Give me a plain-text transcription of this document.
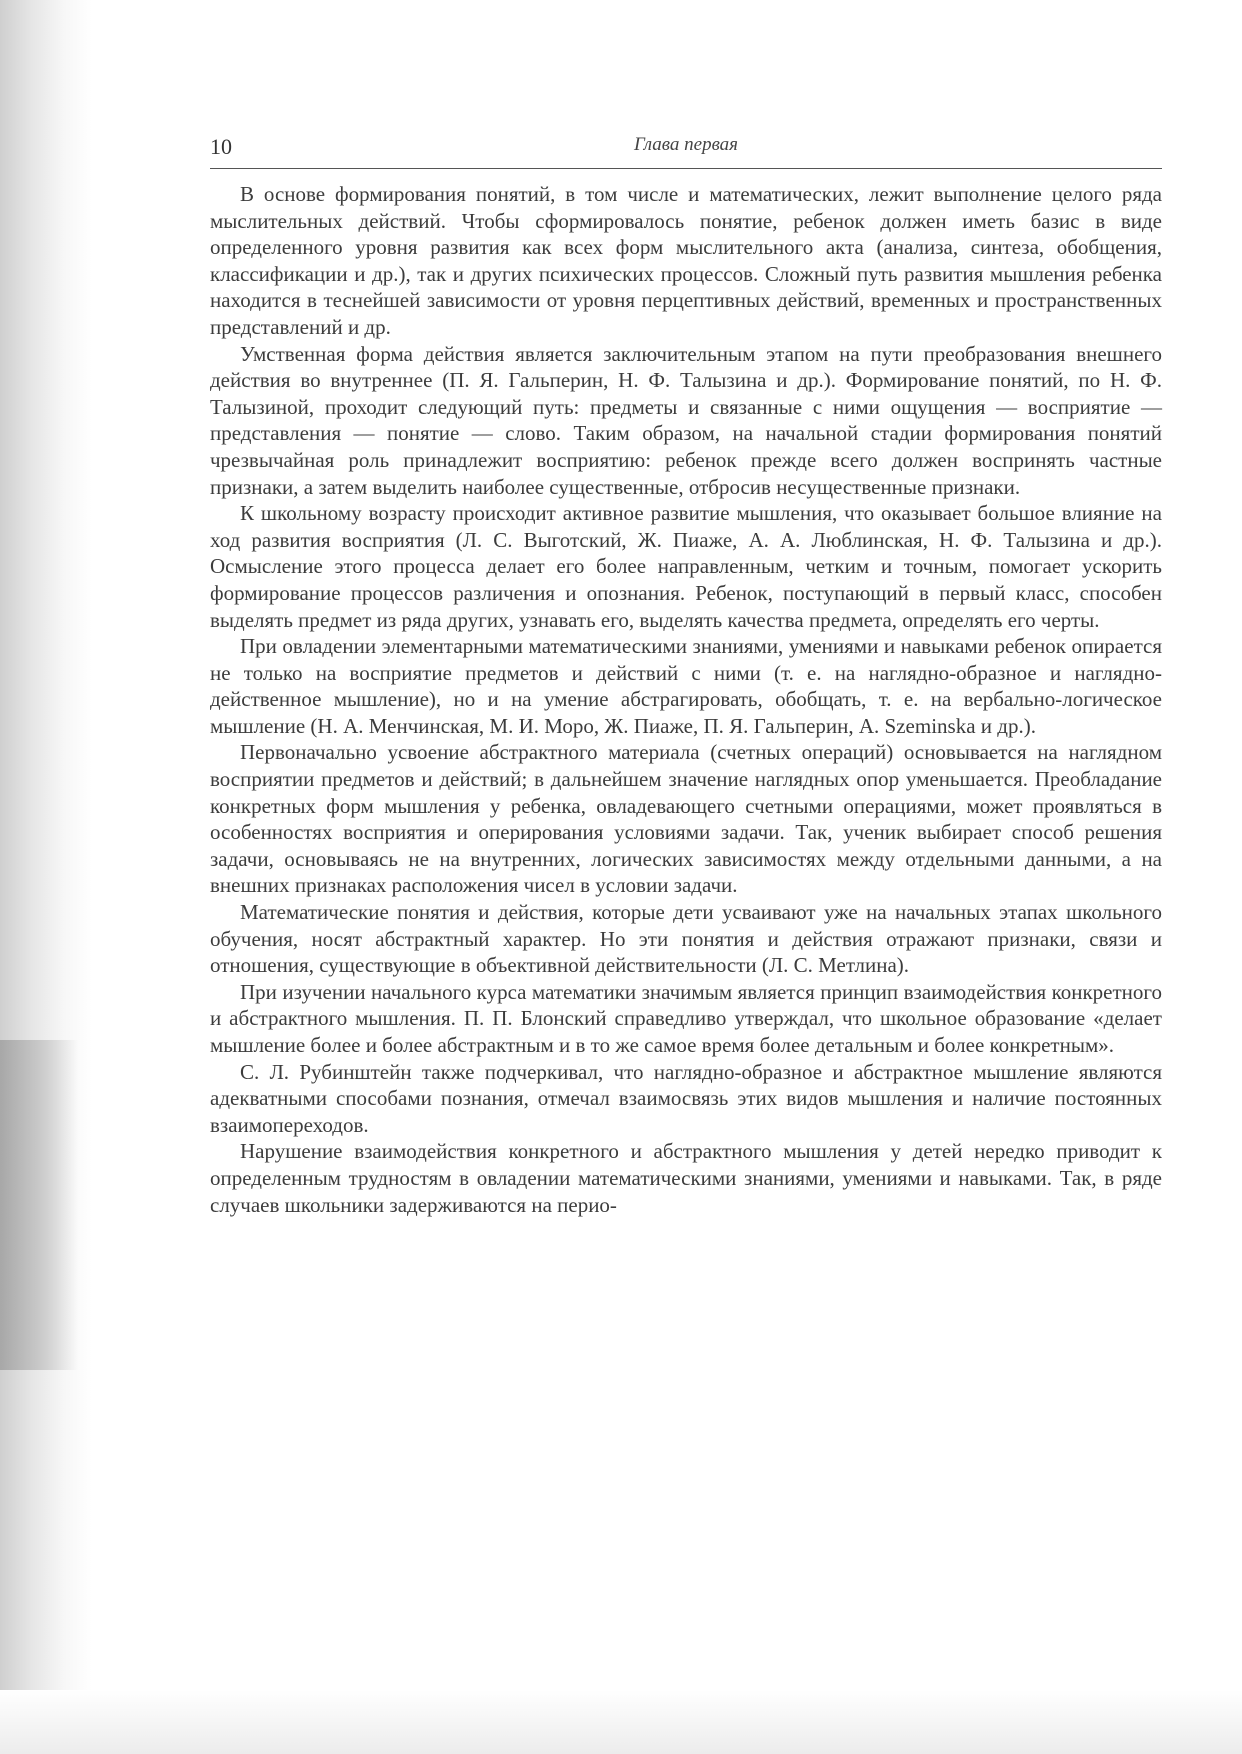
10	Глава первая

В основе формирования понятий, в том числе и математических, лежит выполнение целого ряда мыслительных действий. Чтобы сформировалось понятие, ребенок должен иметь базис в виде определенного уровня развития как всех форм мыслительного акта (анализа, синтеза, обобщения, классификации и др.), так и других психических процессов. Сложный путь развития мышления ребенка находится в теснейшей зависимости от уровня перцептивных действий, временных и пространственных представлений и др.

Умственная форма действия является заключительным этапом на пути преобразования внешнего действия во внутреннее (П. Я. Гальперин, Н. Ф. Талызина и др.). Формирование понятий, по Н. Ф. Талызиной, проходит следующий путь: предметы и связанные с ними ощущения — восприятие — представления — понятие — слово. Таким образом, на начальной стадии формирования понятий чрезвычайная роль принадлежит восприятию: ребенок прежде всего должен воспринять частные признаки, а затем выделить наиболее существенные, отбросив несущественные признаки.

К школьному возрасту происходит активное развитие мышления, что оказывает большое влияние на ход развития восприятия (Л. С. Выготский, Ж. Пиаже, А. А. Люблинская, Н. Ф. Талызина и др.). Осмысление этого процесса делает его более направленным, четким и точным, помогает ускорить формирование процессов различения и опознания. Ребенок, поступающий в первый класс, способен выделять предмет из ряда других, узнавать его, выделять качества предмета, определять его черты.

При овладении элементарными математическими знаниями, умениями и навыками ребенок опирается не только на восприятие предметов и действий с ними (т. е. на наглядно-образное и наглядно-действенное мышление), но и на умение абстрагировать, обобщать, т. е. на вербально-логическое мышление (Н. А. Менчинская, М. И. Моро, Ж. Пиаже, П. Я. Гальперин, A. Szeminska и др.).

Первоначально усвоение абстрактного материала (счетных операций) основывается на наглядном восприятии предметов и действий; в дальнейшем значение наглядных опор уменьшается. Преобладание конкретных форм мышления у ребенка, овладевающего счетными операциями, может проявляться в особенностях восприятия и оперирования условиями задачи. Так, ученик выбирает способ решения задачи, основываясь не на внутренних, логических зависимостях между отдельными данными, а на внешних признаках расположения чисел в условии задачи.

Математические понятия и действия, которые дети усваивают уже на начальных этапах школьного обучения, носят абстрактный характер. Но эти понятия и действия отражают признаки, связи и отношения, существующие в объективной действительности (Л. С. Метлина).

При изучении начального курса математики значимым является принцип взаимодействия конкретного и абстрактного мышления. П. П. Блонский справедливо утверждал, что школьное образование «делает мышление более и более абстрактным и в то же самое время более детальным и более конкретным».

С. Л. Рубинштейн также подчеркивал, что наглядно-образное и абстрактное мышление являются адекватными способами познания, отмечал взаимосвязь этих видов мышления и наличие постоянных взаимопереходов.

Нарушение взаимодействия конкретного и абстрактного мышления у детей нередко приводит к определенным трудностям в овладении математическими знаниями, умениями и навыками. Так, в ряде случаев школьники задерживаются на перио-
